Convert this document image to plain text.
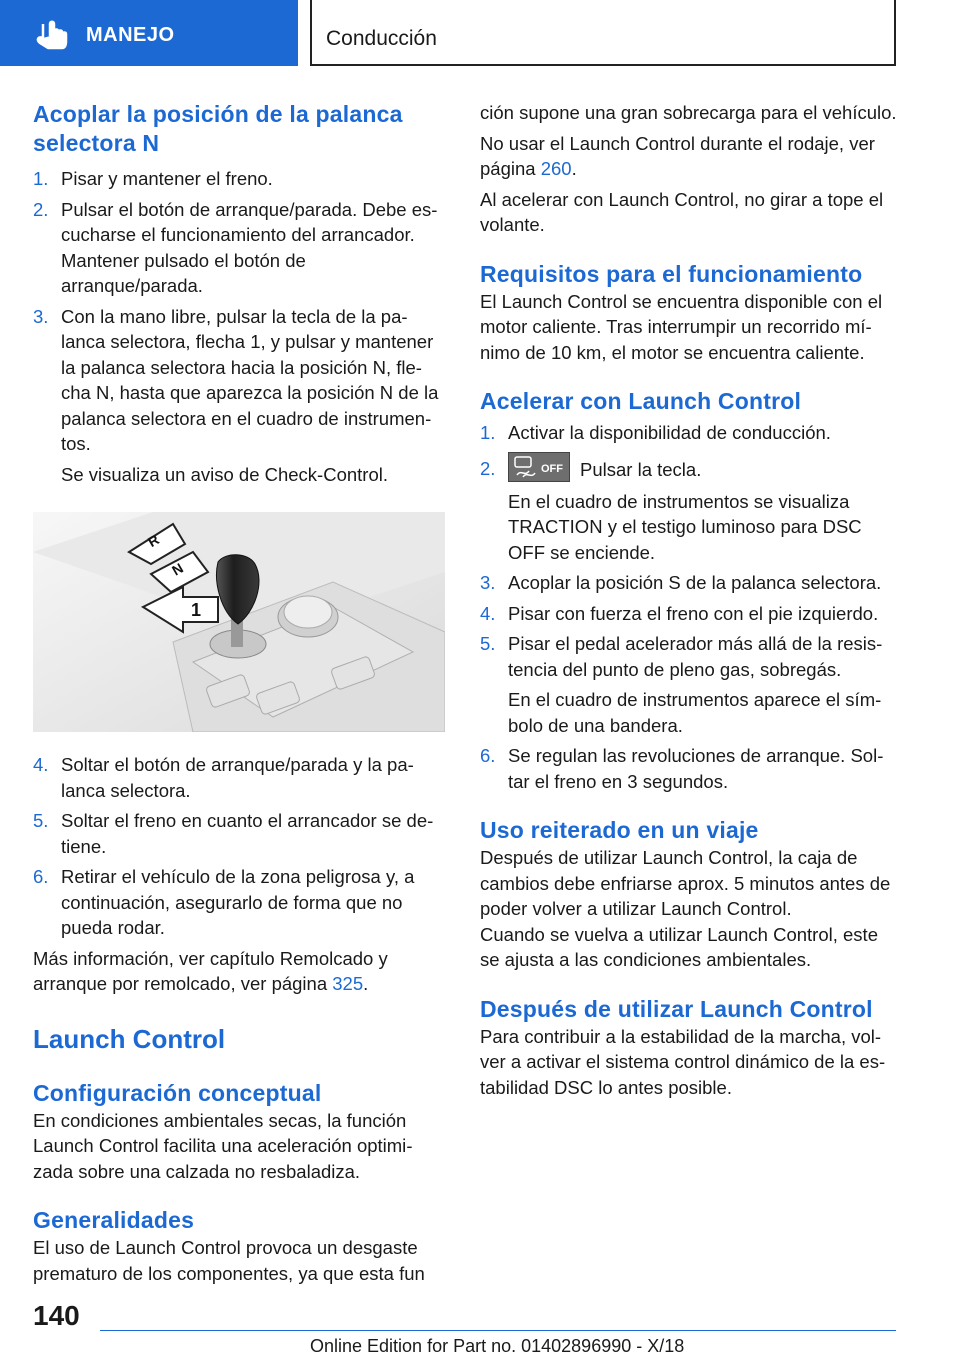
MANEJO	Conducción
Acoplar la posición de la palanca selectora N
1. Pisar y mantener el freno.
2. Pulsar el botón de arranque/parada. Debe escucharse el funcionamiento del arrancador. Mantener pulsado el botón de arranque/parada.
3. Con la mano libre, pulsar la tecla de la palanca selectora, flecha 1, y pulsar y mantener la palanca selectora hacia la posición N, flecha N, hasta que aparezca la posición N de la palanca selectora en el cuadro de instrumentos.
Se visualiza un aviso de Check-Control.
R
N
1
4. Soltar el botón de arranque/parada y la palanca selectora.
5. Soltar el freno en cuanto el arrancador se detiene.
6. Retirar el vehículo de la zona peligrosa y, a continuación, asegurarlo de forma que no pueda rodar.
Más información, ver capítulo Remolcado y arranque por remolcado, ver página 325.
Launch Control
Configuración conceptual
En condiciones ambientales secas, la función Launch Control facilita una aceleración optimizada sobre una calzada no resbaladiza.
Generalidades
El uso de Launch Control provoca un desgaste prematuro de los componentes, ya que esta fun
ción supone una gran sobrecarga para el vehículo.
No usar el Launch Control durante el rodaje, ver página 260.
Al acelerar con Launch Control, no girar a tope el volante.
Requisitos para el funcionamiento
El Launch Control se encuentra disponible con el motor caliente. Tras interrumpir un recorrido mínimo de 10 km, el motor se encuentra caliente.
Acelerar con Launch Control
1. Activar la disponibilidad de conducción.
2.	OFF Pulsar la tecla.
En el cuadro de instrumentos se visualiza TRACTION y el testigo luminoso para DSC OFF se enciende.
3. Acoplar la posición S de la palanca selectora.
4. Pisar con fuerza el freno con el pie izquierdo.
5. Pisar el pedal acelerador más allá de la resistencia del punto de pleno gas, sobregás.
En el cuadro de instrumentos aparece el símbolo de una bandera.
6. Se regulan las revoluciones de arranque. Soltar el freno en 3 segundos.
Uso reiterado en un viaje
Después de utilizar Launch Control, la caja de cambios debe enfriarse aprox. 5 minutos antes de poder volver a utilizar Launch Control.
Cuando se vuelva a utilizar Launch Control, este se ajusta a las condiciones ambientales.
Después de utilizar Launch Control
Para contribuir a la estabilidad de la marcha, volver a activar el sistema control dinámico de la estabilidad DSC lo antes posible.
140
Online Edition for Part no. 01402896990 - X/18
